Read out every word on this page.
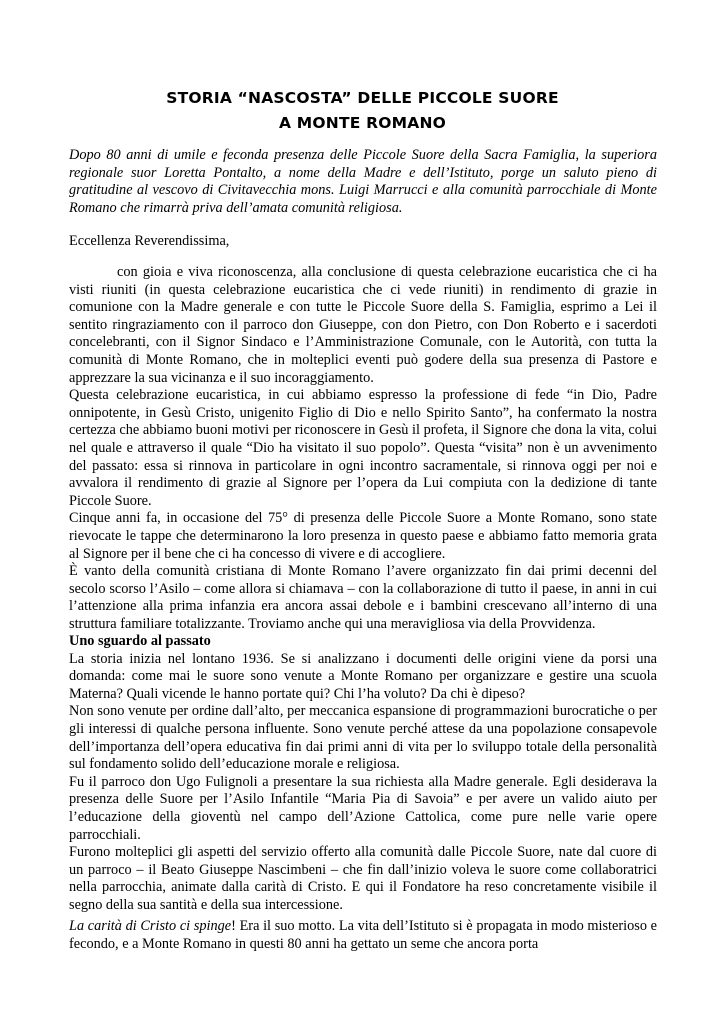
STORIA “NASCOSTA” DELLE PICCOLE SUORE
A MONTE ROMANO

Dopo 80 anni di umile e feconda presenza delle Piccole Suore della Sacra Famiglia, la superiora regionale suor Loretta Pontalto, a nome della Madre e dell’Istituto, porge un saluto pieno di gratitudine al vescovo di Civitavecchia mons. Luigi Marrucci e alla comunità parrocchiale di Monte Romano che rimarrà priva dell’amata comunità religiosa.

Eccellenza Reverendissima,

con gioia e viva riconoscenza, alla conclusione di questa celebrazione eucaristica che ci ha visti riuniti (in questa celebrazione eucaristica che ci vede riuniti) in rendimento di grazie in comunione con la Madre generale e con tutte le Piccole Suore della S. Famiglia, esprimo a Lei il sentito ringraziamento con il parroco don Giuseppe, con don Pietro, con Don Roberto e i sacerdoti concelebranti, con il Signor Sindaco e l’Amministrazione Comunale, con le Autorità, con tutta la comunità di Monte Romano, che in molteplici eventi può godere della sua presenza di Pastore e apprezzare la sua vicinanza e il suo incoraggiamento.

Questa celebrazione eucaristica, in cui abbiamo espresso la professione di fede “in Dio, Padre onnipotente, in Gesù Cristo, unigenito Figlio di Dio e nello Spirito Santo”, ha confermato la nostra certezza che abbiamo buoni motivi per riconoscere in Gesù il profeta, il Signore che dona la vita, colui nel quale e attraverso il quale “Dio ha visitato il suo popolo”. Questa “visita” non è un avvenimento del passato: essa si rinnova in particolare in ogni incontro sacramentale, si rinnova oggi per noi e avvalora il rendimento di grazie al Signore per l’opera da Lui compiuta con la dedizione di tante Piccole Suore.

Cinque anni fa, in occasione del 75° di presenza delle Piccole Suore a Monte Romano, sono state rievocate le tappe che determinarono la loro presenza in questo paese e abbiamo fatto memoria grata al Signore per il bene che ci ha concesso di vivere e di accogliere.

È vanto della comunità cristiana di Monte Romano l’avere organizzato fin dai primi decenni del secolo scorso l’Asilo – come allora si chiamava – con la collaborazione di tutto il paese, in anni in cui l’attenzione alla prima infanzia era ancora assai debole e i bambini crescevano all’interno di una struttura familiare totalizzante. Troviamo anche qui una meravigliosa via della Provvidenza.

Uno sguardo al passato

La storia inizia nel lontano 1936. Se si analizzano i documenti delle origini viene da porsi una domanda: come mai le suore sono venute a Monte Romano per organizzare e gestire una scuola Materna? Quali vicende le hanno portate qui? Chi l’ha voluto? Da chi è dipeso?

Non sono venute per ordine dall’alto, per meccanica espansione di programmazioni burocratiche o per gli interessi di qualche persona influente. Sono venute perché attese da una popolazione consapevole dell’importanza dell’opera educativa fin dai primi anni di vita per lo sviluppo totale della personalità sul fondamento solido dell’educazione morale e religiosa.

Fu il parroco don Ugo Fulignoli a presentare la sua richiesta alla Madre generale. Egli desiderava la presenza delle Suore per l’Asilo Infantile “Maria Pia di Savoia” e per avere un valido aiuto per l’educazione della gioventù nel campo dell’Azione Cattolica, come pure nelle varie opere parrocchiali.

Furono molteplici gli aspetti del servizio offerto alla comunità dalle Piccole Suore, nate dal cuore di un parroco – il Beato Giuseppe Nascimbeni – che fin dall’inizio voleva le suore come collaboratrici nella parrocchia, animate dalla carità di Cristo. E qui il Fondatore ha reso concretamente visibile il segno della sua santità e della sua intercessione.

La carità di Cristo ci spinge! Era il suo motto. La vita dell’Istituto si è propagata in modo misterioso e fecondo, e a Monte Romano in questi 80 anni ha gettato un seme che ancora porta
